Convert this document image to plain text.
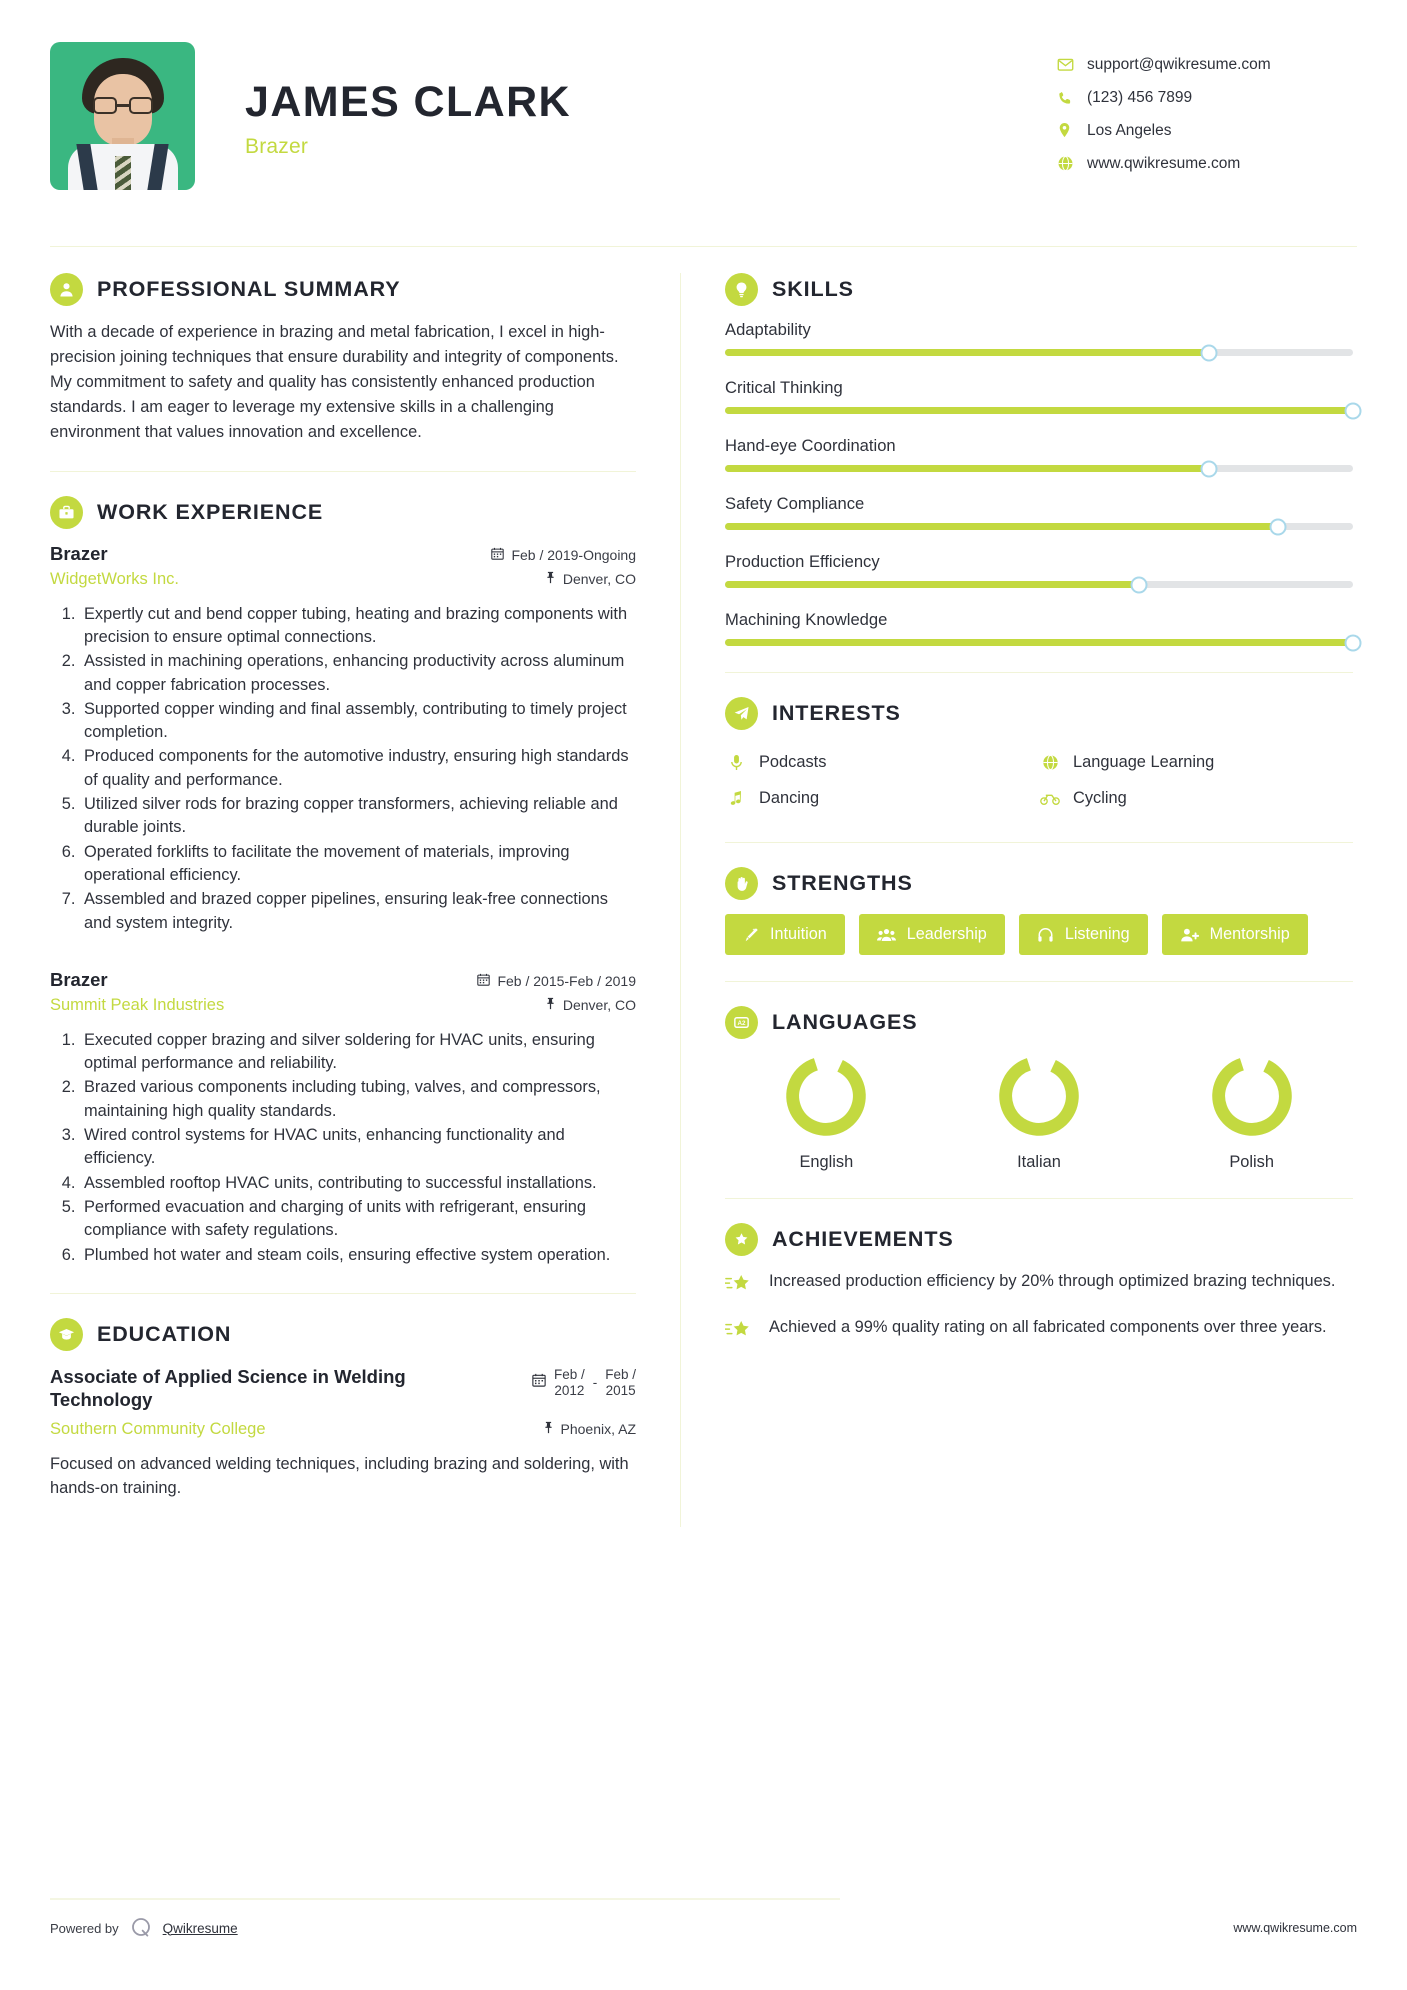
JAMES CLARK
Brazer
support@qwikresume.com
(123) 456 7899
Los Angeles
www.qwikresume.com
PROFESSIONAL SUMMARY
With a decade of experience in brazing and metal fabrication, I excel in high-precision joining techniques that ensure durability and integrity of components. My commitment to safety and quality has consistently enhanced production standards. I am eager to leverage my extensive skills in a challenging environment that values innovation and excellence.
WORK EXPERIENCE
Brazer	Feb / 2019-Ongoing
WidgetWorks Inc.	Denver, CO
1. Expertly cut and bend copper tubing, heating and brazing components with precision to ensure optimal connections.
2. Assisted in machining operations, enhancing productivity across aluminum and copper fabrication processes.
3. Supported copper winding and final assembly, contributing to timely project completion.
4. Produced components for the automotive industry, ensuring high standards of quality and performance.
5. Utilized silver rods for brazing copper transformers, achieving reliable and durable joints.
6. Operated forklifts to facilitate the movement of materials, improving operational efficiency.
7. Assembled and brazed copper pipelines, ensuring leak-free connections and system integrity.
Brazer	Feb / 2015-Feb / 2019
Summit Peak Industries	Denver, CO
1. Executed copper brazing and silver soldering for HVAC units, ensuring optimal performance and reliability.
2. Brazed various components including tubing, valves, and compressors, maintaining high quality standards.
3. Wired control systems for HVAC units, enhancing functionality and efficiency.
4. Assembled rooftop HVAC units, contributing to successful installations.
5. Performed evacuation and charging of units with refrigerant, ensuring compliance with safety regulations.
6. Plumbed hot water and steam coils, ensuring effective system operation.
EDUCATION
Associate of Applied Science in Welding Technology
Feb /
2012
-
Feb /
2015
Southern Community College	Phoenix, AZ
Focused on advanced welding techniques, including brazing and soldering, with hands-on training.
SKILLS
Adaptability
Critical Thinking
Hand-eye Coordination
Safety Compliance
Production Efficiency
Machining Knowledge
INTERESTS
Podcasts	Language Learning
Dancing	Cycling
STRENGTHS
Intuition	Leadership	Listening	Mentorship
A2 LANGUAGES
English	Italian	Polish
ACHIEVEMENTS
Increased production efficiency by 20% through optimized brazing techniques.
Achieved a 99% quality rating on all fabricated components over three years.
Powered by	Qwikresume	www.qwikresume.com
